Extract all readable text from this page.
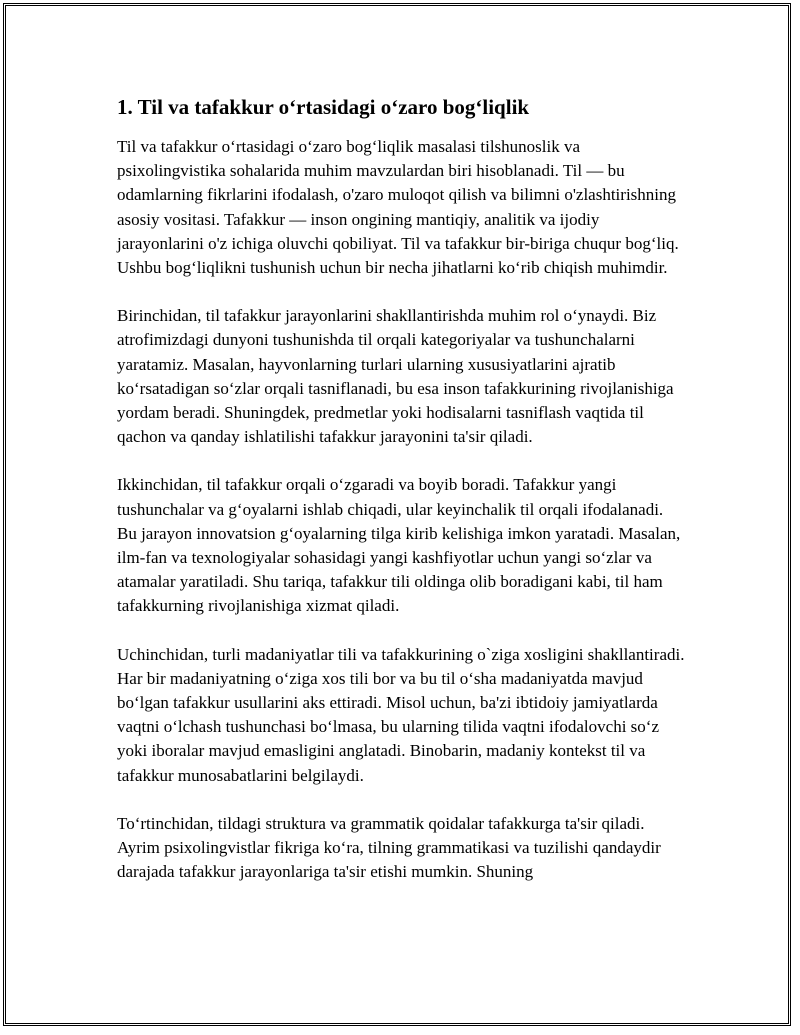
1. Til va tafakkur o‘rtasidagi o‘zaro bog‘liqlik

Til va tafakkur o‘rtasidagi o‘zaro bog‘liqlik masalasi tilshunoslik va psixolingvistika sohalarida muhim mavzulardan biri hisoblanadi. Til — bu odamlarning fikrlarini ifodalash, o'zaro muloqot qilish va bilimni o'zlashtirishning asosiy vositasi. Tafakkur — inson ongining mantiqiy, analitik va ijodiy jarayonlarini o'z ichiga oluvchi qobiliyat. Til va tafakkur bir-biriga chuqur bog‘liq. Ushbu bog‘liqlikni tushunish uchun bir necha jihatlarni ko‘rib chiqish muhimdir.

Birinchidan, til tafakkur jarayonlarini shakllantirishda muhim rol o‘ynaydi. Biz atrofimizdagi dunyoni tushunishda til orqali kategoriyalar va tushunchalarni yaratamiz. Masalan, hayvonlarning turlari ularning xususiyatlarini ajratib ko‘rsatadigan so‘zlar orqali tasniflanadi, bu esa inson tafakkurining rivojlanishiga yordam beradi. Shuningdek, predmetlar yoki hodisalarni tasniflash vaqtida til qachon va qanday ishlatilishi tafakkur jarayonini ta'sir qiladi.

Ikkinchidan, til tafakkur orqali o‘zgaradi va boyib boradi. Tafakkur yangi tushunchalar va g‘oyalarni ishlab chiqadi, ular keyinchalik til orqali ifodalanadi. Bu jarayon innovatsion g‘oyalarning tilga kirib kelishiga imkon yaratadi. Masalan, ilm-fan va texnologiyalar sohasidagi yangi kashfiyotlar uchun yangi so‘zlar va atamalar yaratiladi. Shu tariqa, tafakkur tili oldinga olib boradigani kabi, til ham tafakkurning rivojlanishiga xizmat qiladi.

Uchinchidan, turli madaniyatlar tili va tafakkurining o`ziga xosligini shakllantiradi. Har bir madaniyatning o‘ziga xos tili bor va bu til o‘sha madaniyatda mavjud bo‘lgan tafakkur usullarini aks ettiradi. Misol uchun, ba'zi ibtidoiy jamiyatlarda vaqtni o‘lchash tushunchasi bo‘lmasa, bu ularning tilida vaqtni ifodalovchi so‘z yoki iboralar mavjud emasligini anglatadi. Binobarin, madaniy kontekst til va tafakkur munosabatlarini belgilaydi.

To‘rtinchidan, tildagi struktura va grammatik qoidalar tafakkurga ta'sir qiladi. Ayrim psixolingvistlar fikriga ko‘ra, tilning grammatikasi va tuzilishi qandaydir darajada tafakkur jarayonlariga ta'sir etishi mumkin. Shuning
